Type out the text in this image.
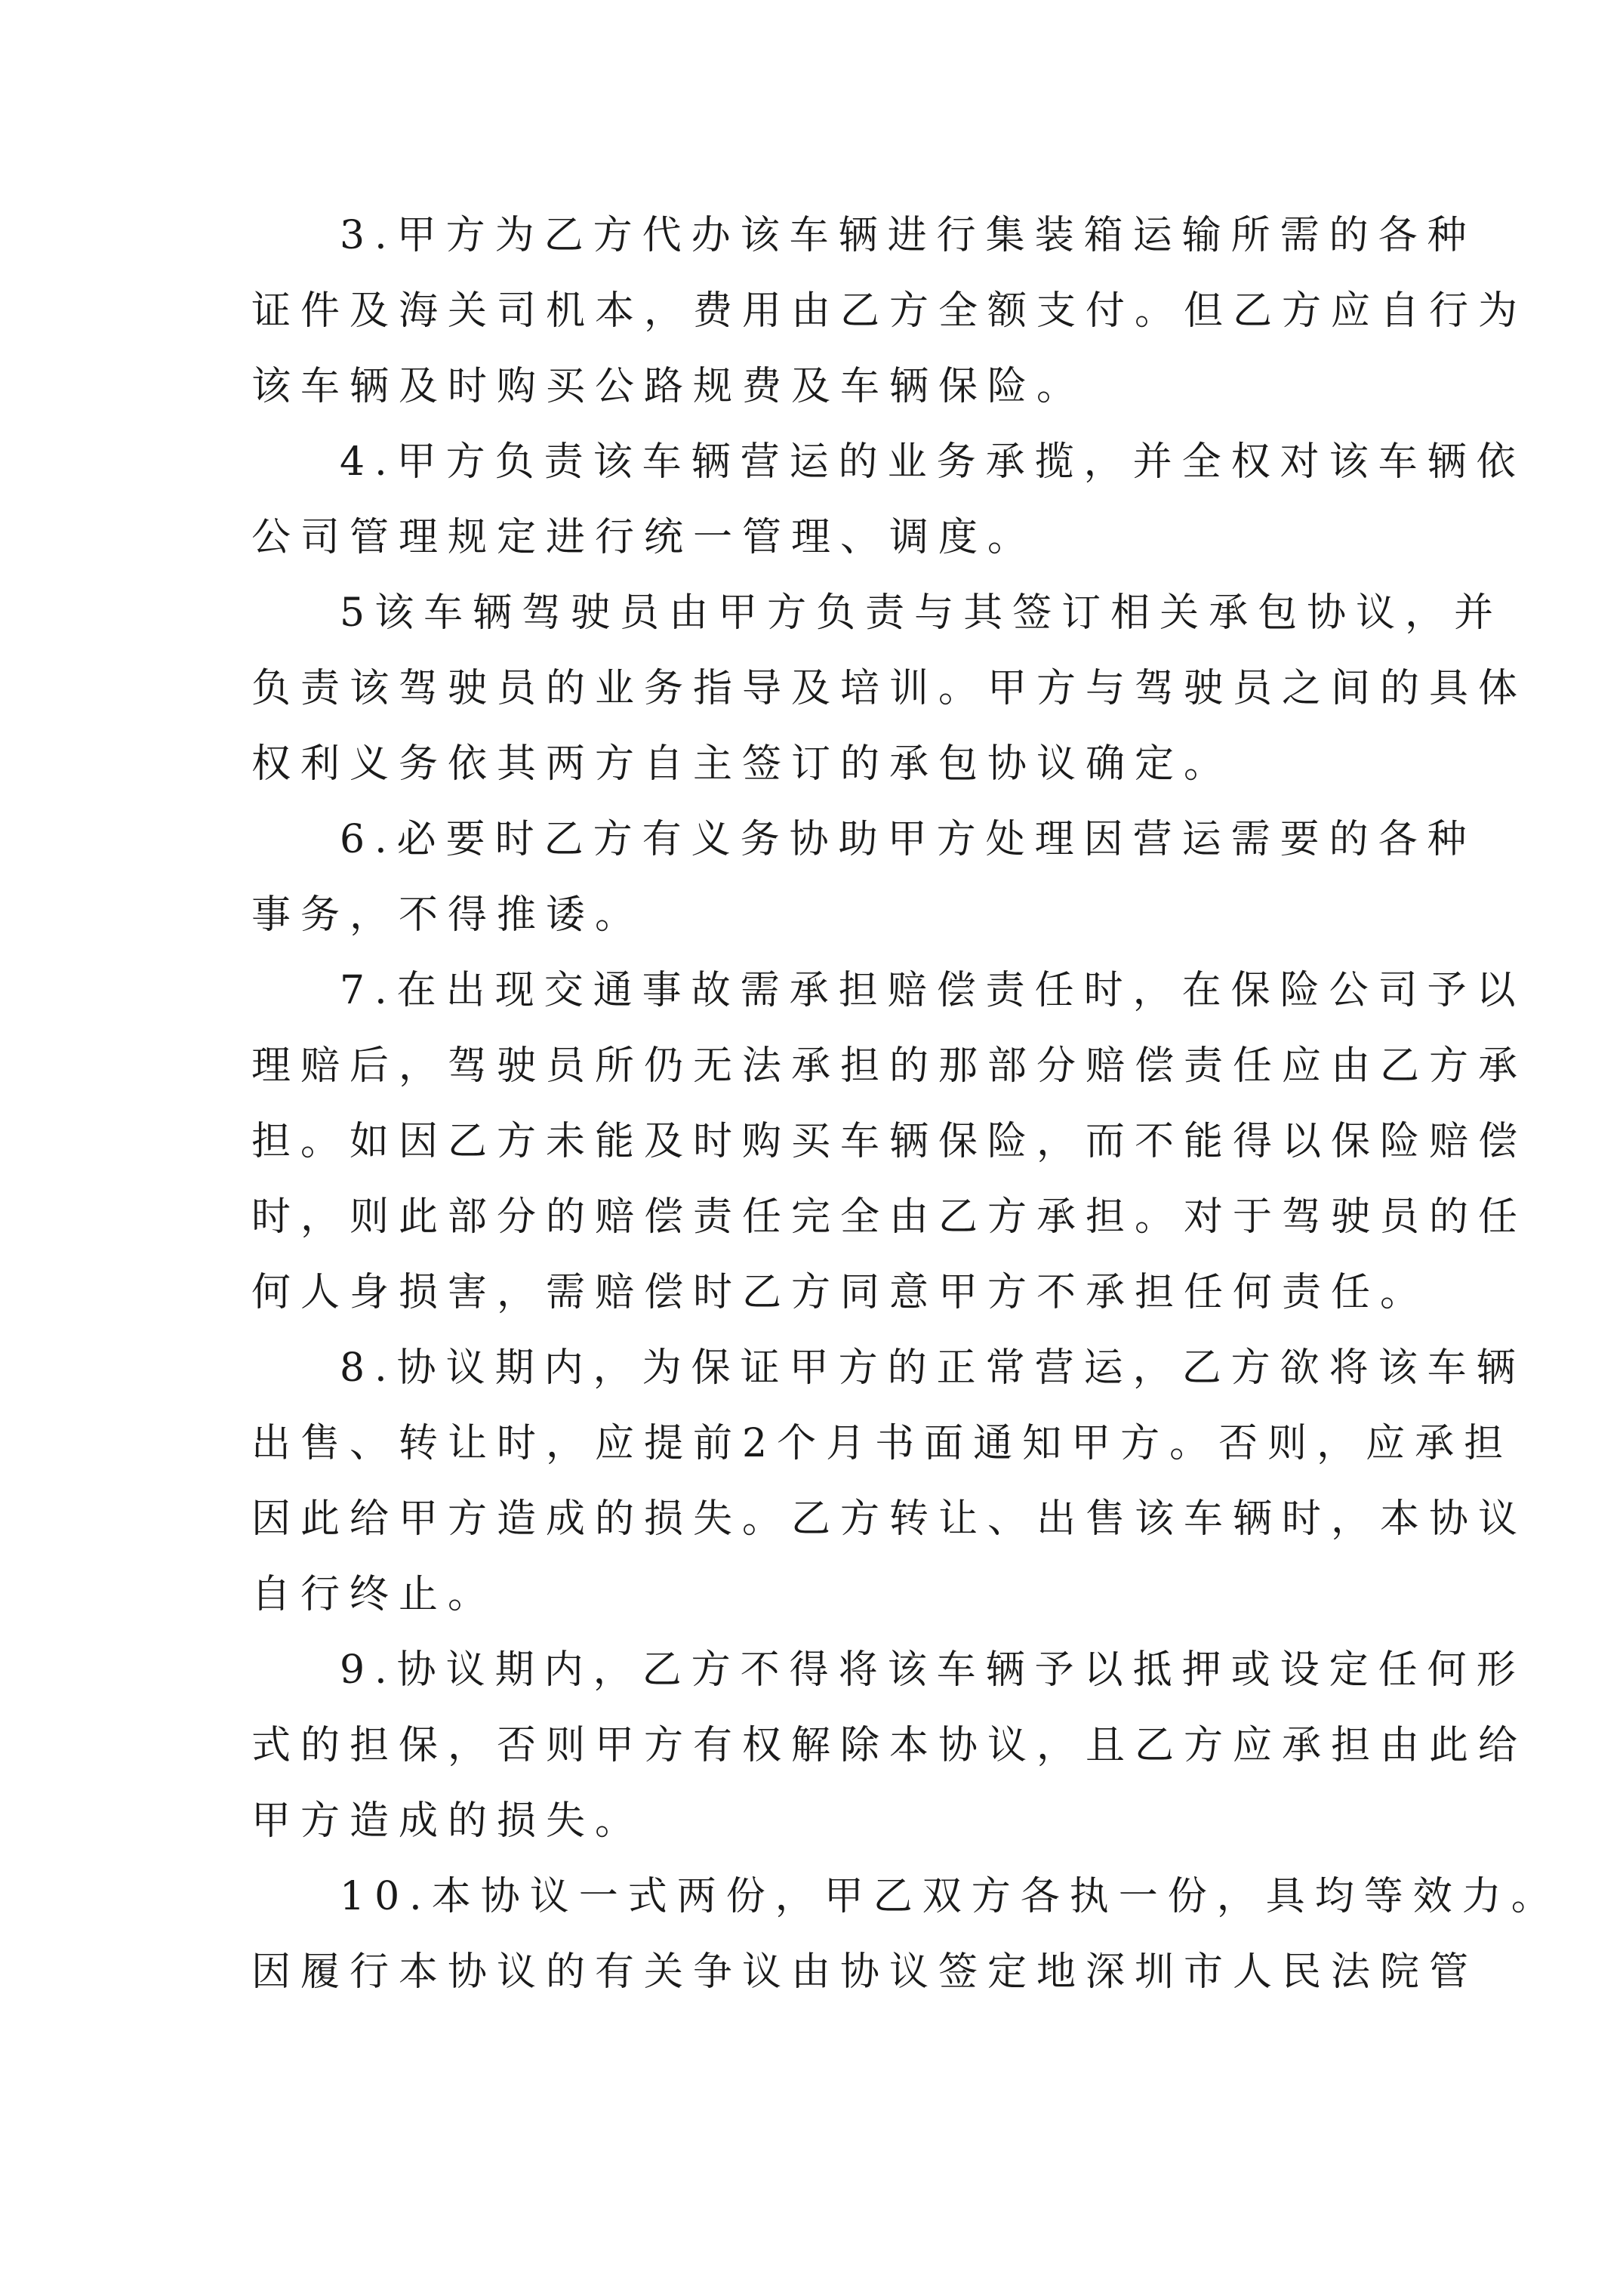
3.甲方为乙方代办该车辆进行集装箱运输所需的各种
证件及海关司机本，费用由乙方全额支付。但乙方应自行为
该车辆及时购买公路规费及车辆保险。
4.甲方负责该车辆营运的业务承揽，并全权对该车辆依
公司管理规定进行统一管理、调度。
5该车辆驾驶员由甲方负责与其签订相关承包协议，并
负责该驾驶员的业务指导及培训。甲方与驾驶员之间的具体
权利义务依其两方自主签订的承包协议确定。
6.必要时乙方有义务协助甲方处理因营运需要的各种
事务，不得推诿。
7.在出现交通事故需承担赔偿责任时，在保险公司予以
理赔后，驾驶员所仍无法承担的那部分赔偿责任应由乙方承
担。如因乙方未能及时购买车辆保险，而不能得以保险赔偿
时，则此部分的赔偿责任完全由乙方承担。对于驾驶员的任
何人身损害，需赔偿时乙方同意甲方不承担任何责任。
8.协议期内，为保证甲方的正常营运，乙方欲将该车辆
出售、转让时，应提前2个月书面通知甲方。否则，应承担
因此给甲方造成的损失。乙方转让、出售该车辆时，本协议
自行终止。
9.协议期内，乙方不得将该车辆予以抵押或设定任何形
式的担保，否则甲方有权解除本协议，且乙方应承担由此给
甲方造成的损失。
10.本协议一式两份，甲乙双方各执一份，具均等效力。
因履行本协议的有关争议由协议签定地深圳市人民法院管
